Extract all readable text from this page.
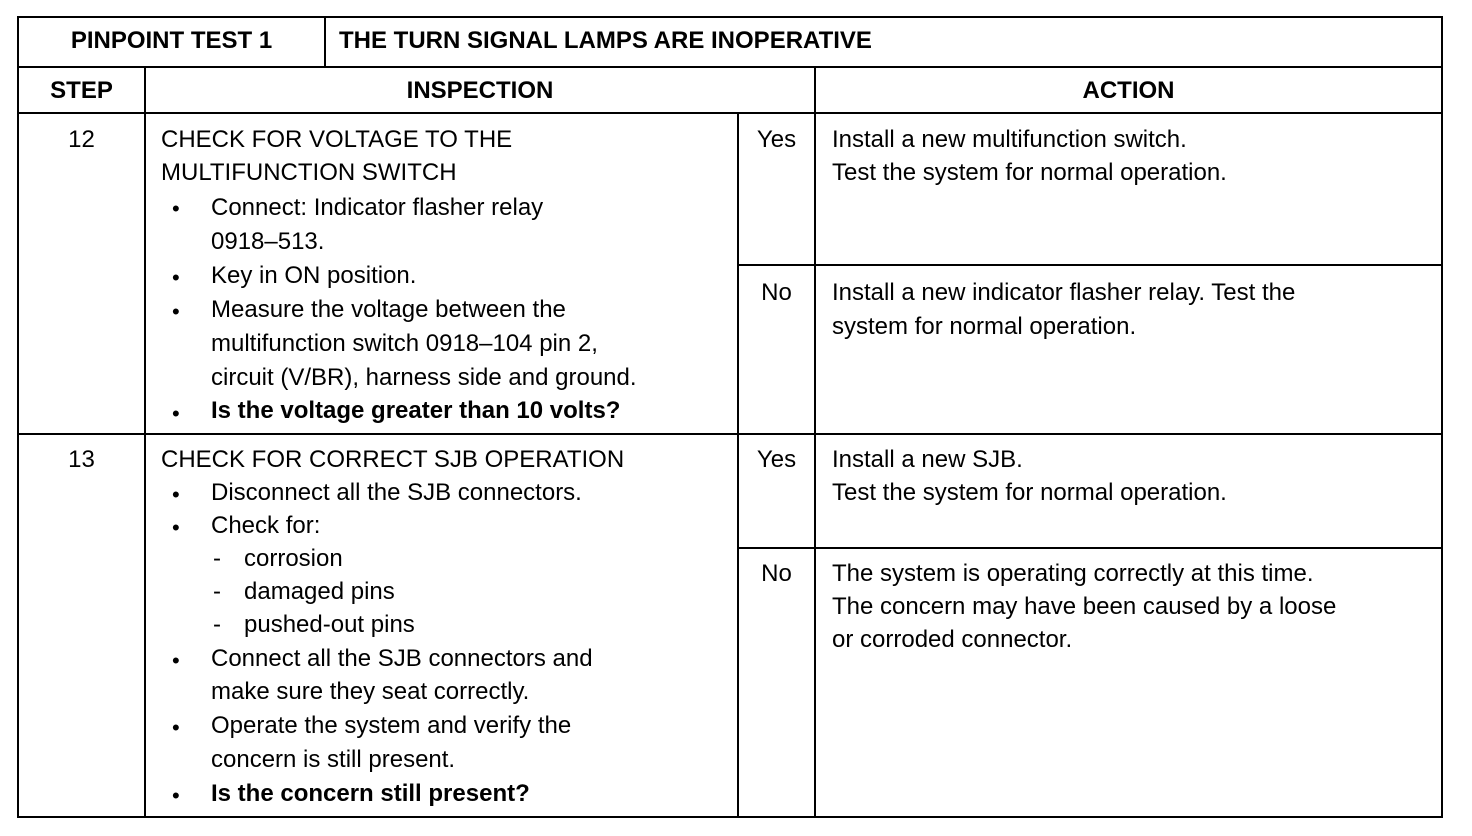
PINPOINT TEST 1	THE TURN SIGNAL LAMPS ARE INOPERATIVE
STEP	INSPECTION	ACTION
12	CHECK FOR VOLTAGE TO THE
MULTIFUNCTION SWITCH
• Connect: Indicator flasher relay
0918–513.
• Key in ON position.
• Measure the voltage between the
multifunction switch 0918–104 pin 2,
circuit (V/BR), harness side and ground.
• Is the voltage greater than 10 volts?
Yes	Install a new multifunction switch.
Test the system for normal operation.
No	Install a new indicator flasher relay. Test the
system for normal operation.
13	CHECK FOR CORRECT SJB OPERATION
• Disconnect all the SJB connectors.
• Check for:
- corrosion
- damaged pins
- pushed-out pins
• Connect all the SJB connectors and
make sure they seat correctly.
• Operate the system and verify the
concern is still present.
• Is the concern still present?
Yes	Install a new SJB.
Test the system for normal operation.
No	The system is operating correctly at this time.
The concern may have been caused by a loose
or corroded connector.
